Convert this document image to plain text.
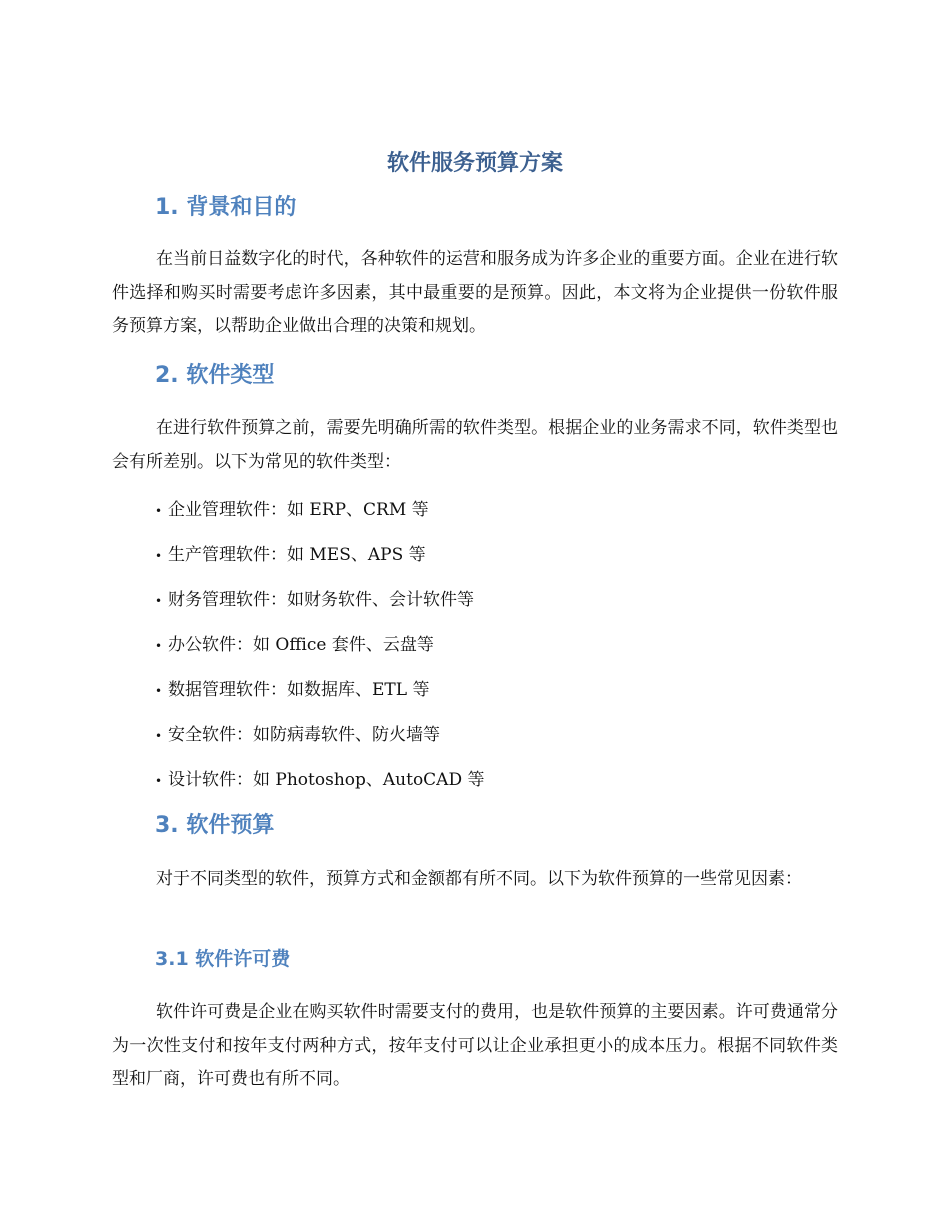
软件服务预算方案
1. 背景和目的

在当前日益数字化的时代，各种软件的运营和服务成为许多企业的重要方面。企业在进行软件选择和购买时需要考虑许多因素，其中最重要的是预算。因此，本文将为企业提供一份软件服务预算方案，以帮助企业做出合理的决策和规划。

2. 软件类型

在进行软件预算之前，需要先明确所需的软件类型。根据企业的业务需求不同，软件类型也会有所差别。以下为常见的软件类型：

• 企业管理软件：如 ERP、CRM 等
• 生产管理软件：如 MES、APS 等
• 财务管理软件：如财务软件、会计软件等
• 办公软件：如 Office 套件、云盘等
• 数据管理软件：如数据库、ETL 等
• 安全软件：如防病毒软件、防火墙等
• 设计软件：如 Photoshop、AutoCAD 等
3. 软件预算

对于不同类型的软件，预算方式和金额都有所不同。以下为软件预算的一些常见因素：

3.1 软件许可费

软件许可费是企业在购买软件时需要支付的费用，也是软件预算的主要因素。许可费通常分为一次性支付和按年支付两种方式，按年支付可以让企业承担更小的成本压力。根据不同软件类型和厂商，许可费也有所不同。
